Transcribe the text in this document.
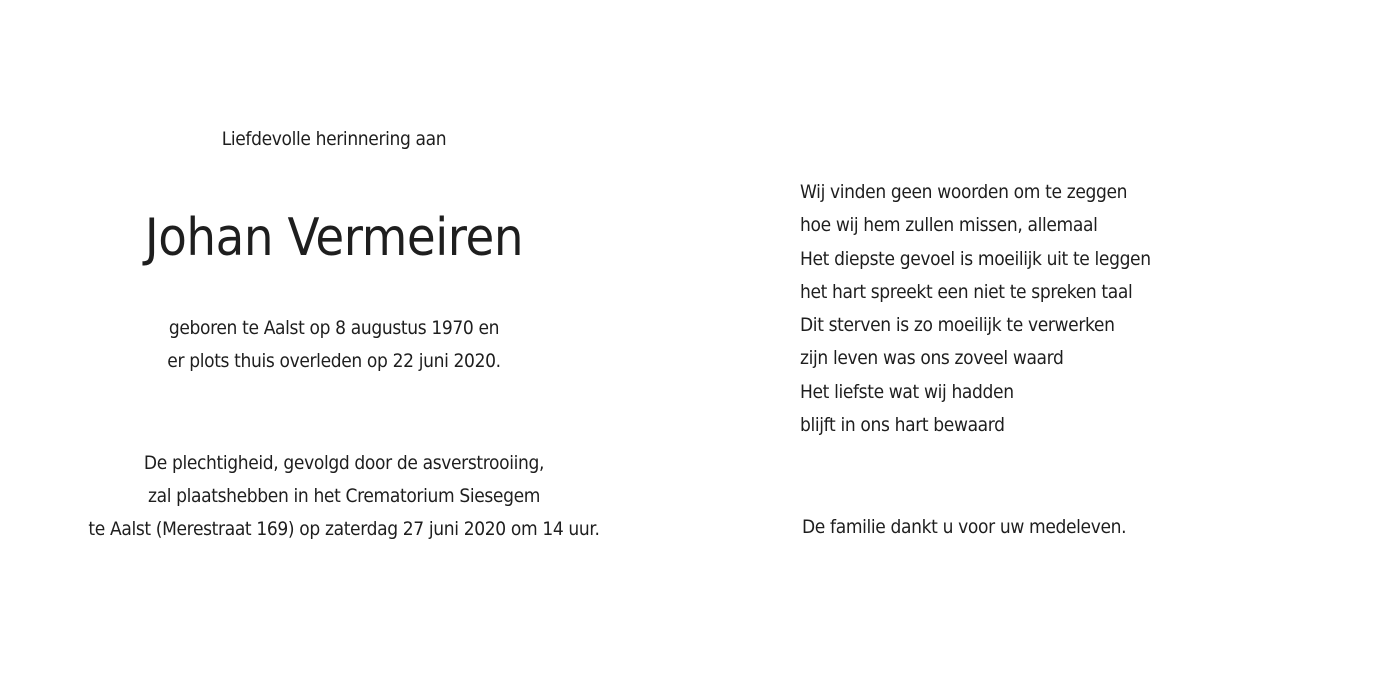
Liefdevolle herinnering aan
Johan Vermeiren
geboren te Aalst op 8 augustus 1970 en
er plots thuis overleden op 22 juni 2020.
De plechtigheid, gevolgd door de asverstrooiing,
zal plaatshebben in het Crematorium Siesegem
te Aalst (Merestraat 169) op zaterdag 27 juni 2020 om 14 uur.
Wij vinden geen woorden om te zeggen
hoe wij hem zullen missen, allemaal
Het diepste gevoel is moeilijk uit te leggen
het hart spreekt een niet te spreken taal
Dit sterven is zo moeilijk te verwerken
zijn leven was ons zoveel waard
Het liefste wat wij hadden
blijft in ons hart bewaard
De familie dankt u voor uw medeleven.
